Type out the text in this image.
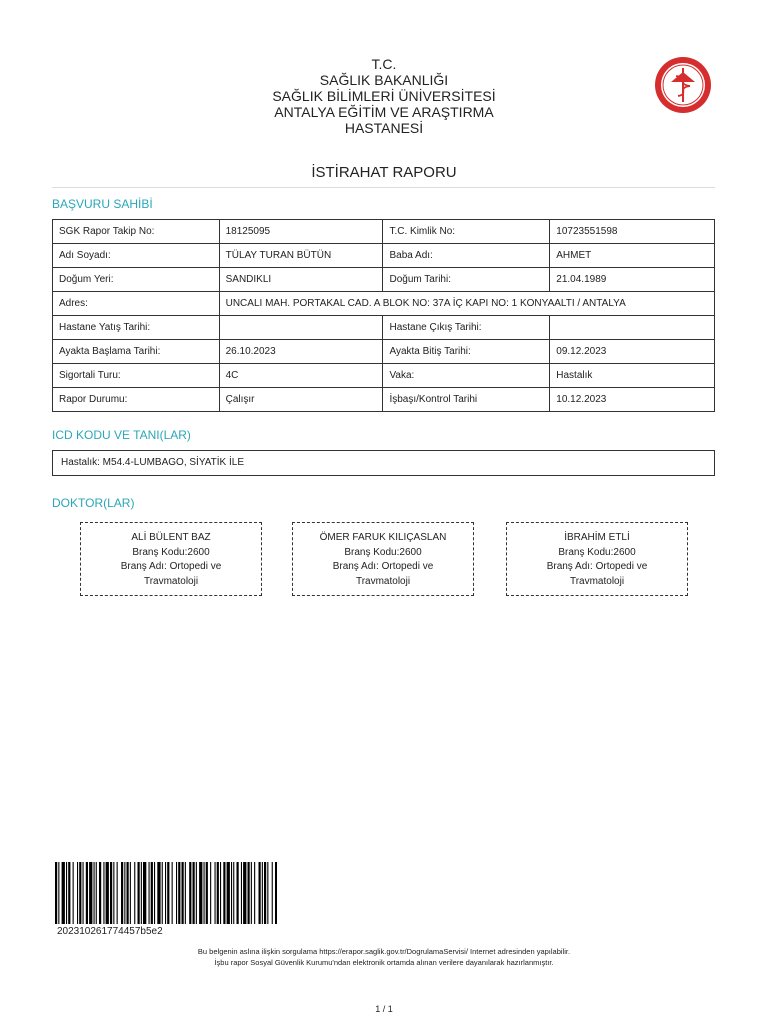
T.C.
SAĞLIK BAKANLIĞI
SAĞLIK BİLİMLERİ ÜNİVERSİTESİ
ANTALYA EĞİTİM VE ARAŞTIRMA
HASTANESİ
İSTİRAHAT RAPORU
BAŞVURU SAHİBİ
SGK Rapor Takip No:	18125095	T.C. Kimlik No:	10723551598
Adı Soyadı:	TÜLAY TURAN BÜTÜN	Baba Adı:	AHMET
Doğum Yeri:	SANDIKLI	Doğum Tarihi:	21.04.1989
Adres:	UNCALI MAH. PORTAKAL CAD. A BLOK NO: 37A İÇ KAPI NO: 1 KONYAALTI / ANTALYA		
Hastane Yatış Tarihi:		Hastane Çıkış Tarihi:	
Ayakta Başlama Tarihi:	26.10.2023	Ayakta Bitiş Tarihi:	09.12.2023
Sigortali Turu:	4C	Vaka:	Hastalık
Rapor Durumu:	Çalışır	İşbaşı/Kontrol Tarihi	10.12.2023
ICD KODU VE TANI(LAR)
Hastalık: M54.4-LUMBAGO, SİYATİK İLE
DOKTOR(LAR)
ALİ BÜLENT BAZ
Branş Kodu:2600
Branş Adı: Ortopedi ve
Travmatoloji
ÖMER FARUK KILIÇASLAN
Branş Kodu:2600
Branş Adı: Ortopedi ve
Travmatoloji
İBRAHİM ETLİ
Branş Kodu:2600
Branş Adı: Ortopedi ve
Travmatoloji
202310261774457b5e2
Bu belgenin aslına ilişkin sorgulama https://erapor.saglik.gov.tr/DogrulamaServisi/ Internet adresinden yapılabilir.
İşbu rapor Sosyal Güvenlik Kurumu'ndan elektronik ortamda alınan verilere dayanılarak hazırlanmıştır.
1 / 1
